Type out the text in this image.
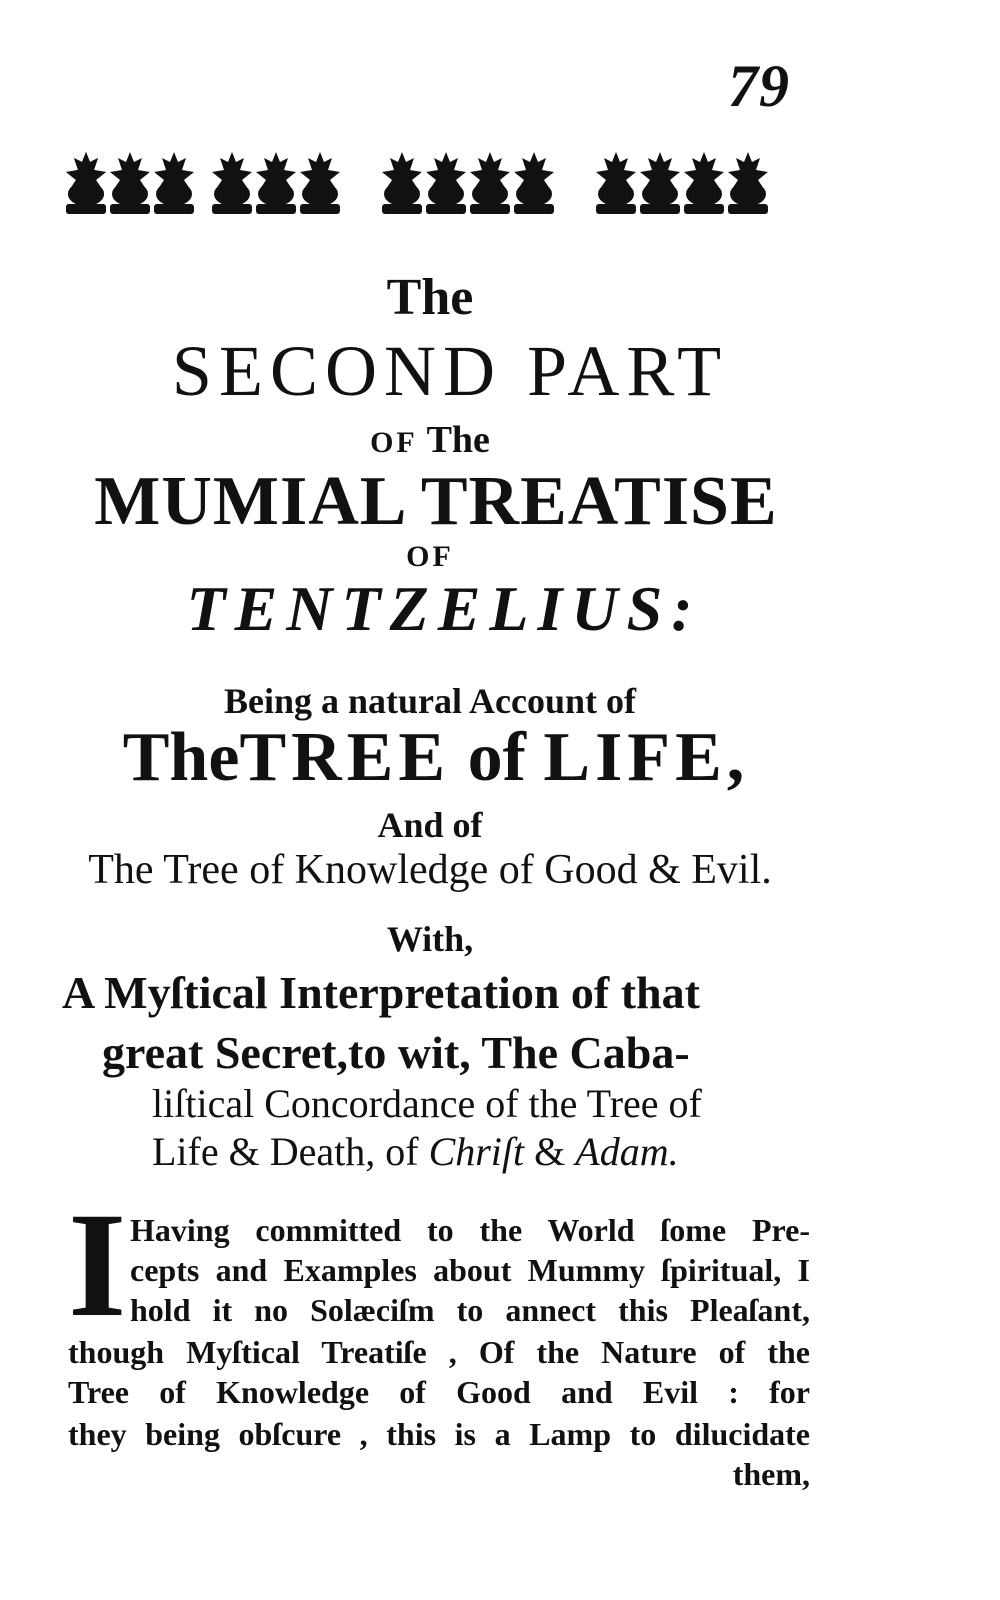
79
The
SECOND PART
OF The
MUMIAL TREATISE
OF
TENTZELIUS:
Being a natural Account of
TheTREE of LIFE,
And of
The Tree of Knowledge of Good & Evil.
With,
A Myſtical Interpretation of that
great Secret,to wit, The Caba-
liſtical Concordance of the Tree of
Life & Death, of Chriſt & Adam.
I Having committed to the World ſome Pre-
cepts and Examples about Mummy ſpiritual, I
hold it no Solæciſm to annect this Pleaſant,
though Myſtical Treatiſe , Of the Nature of the
Tree of Knowledge of Good and Evil : for
they being obſcure , this is a Lamp to dilucidate
them,
